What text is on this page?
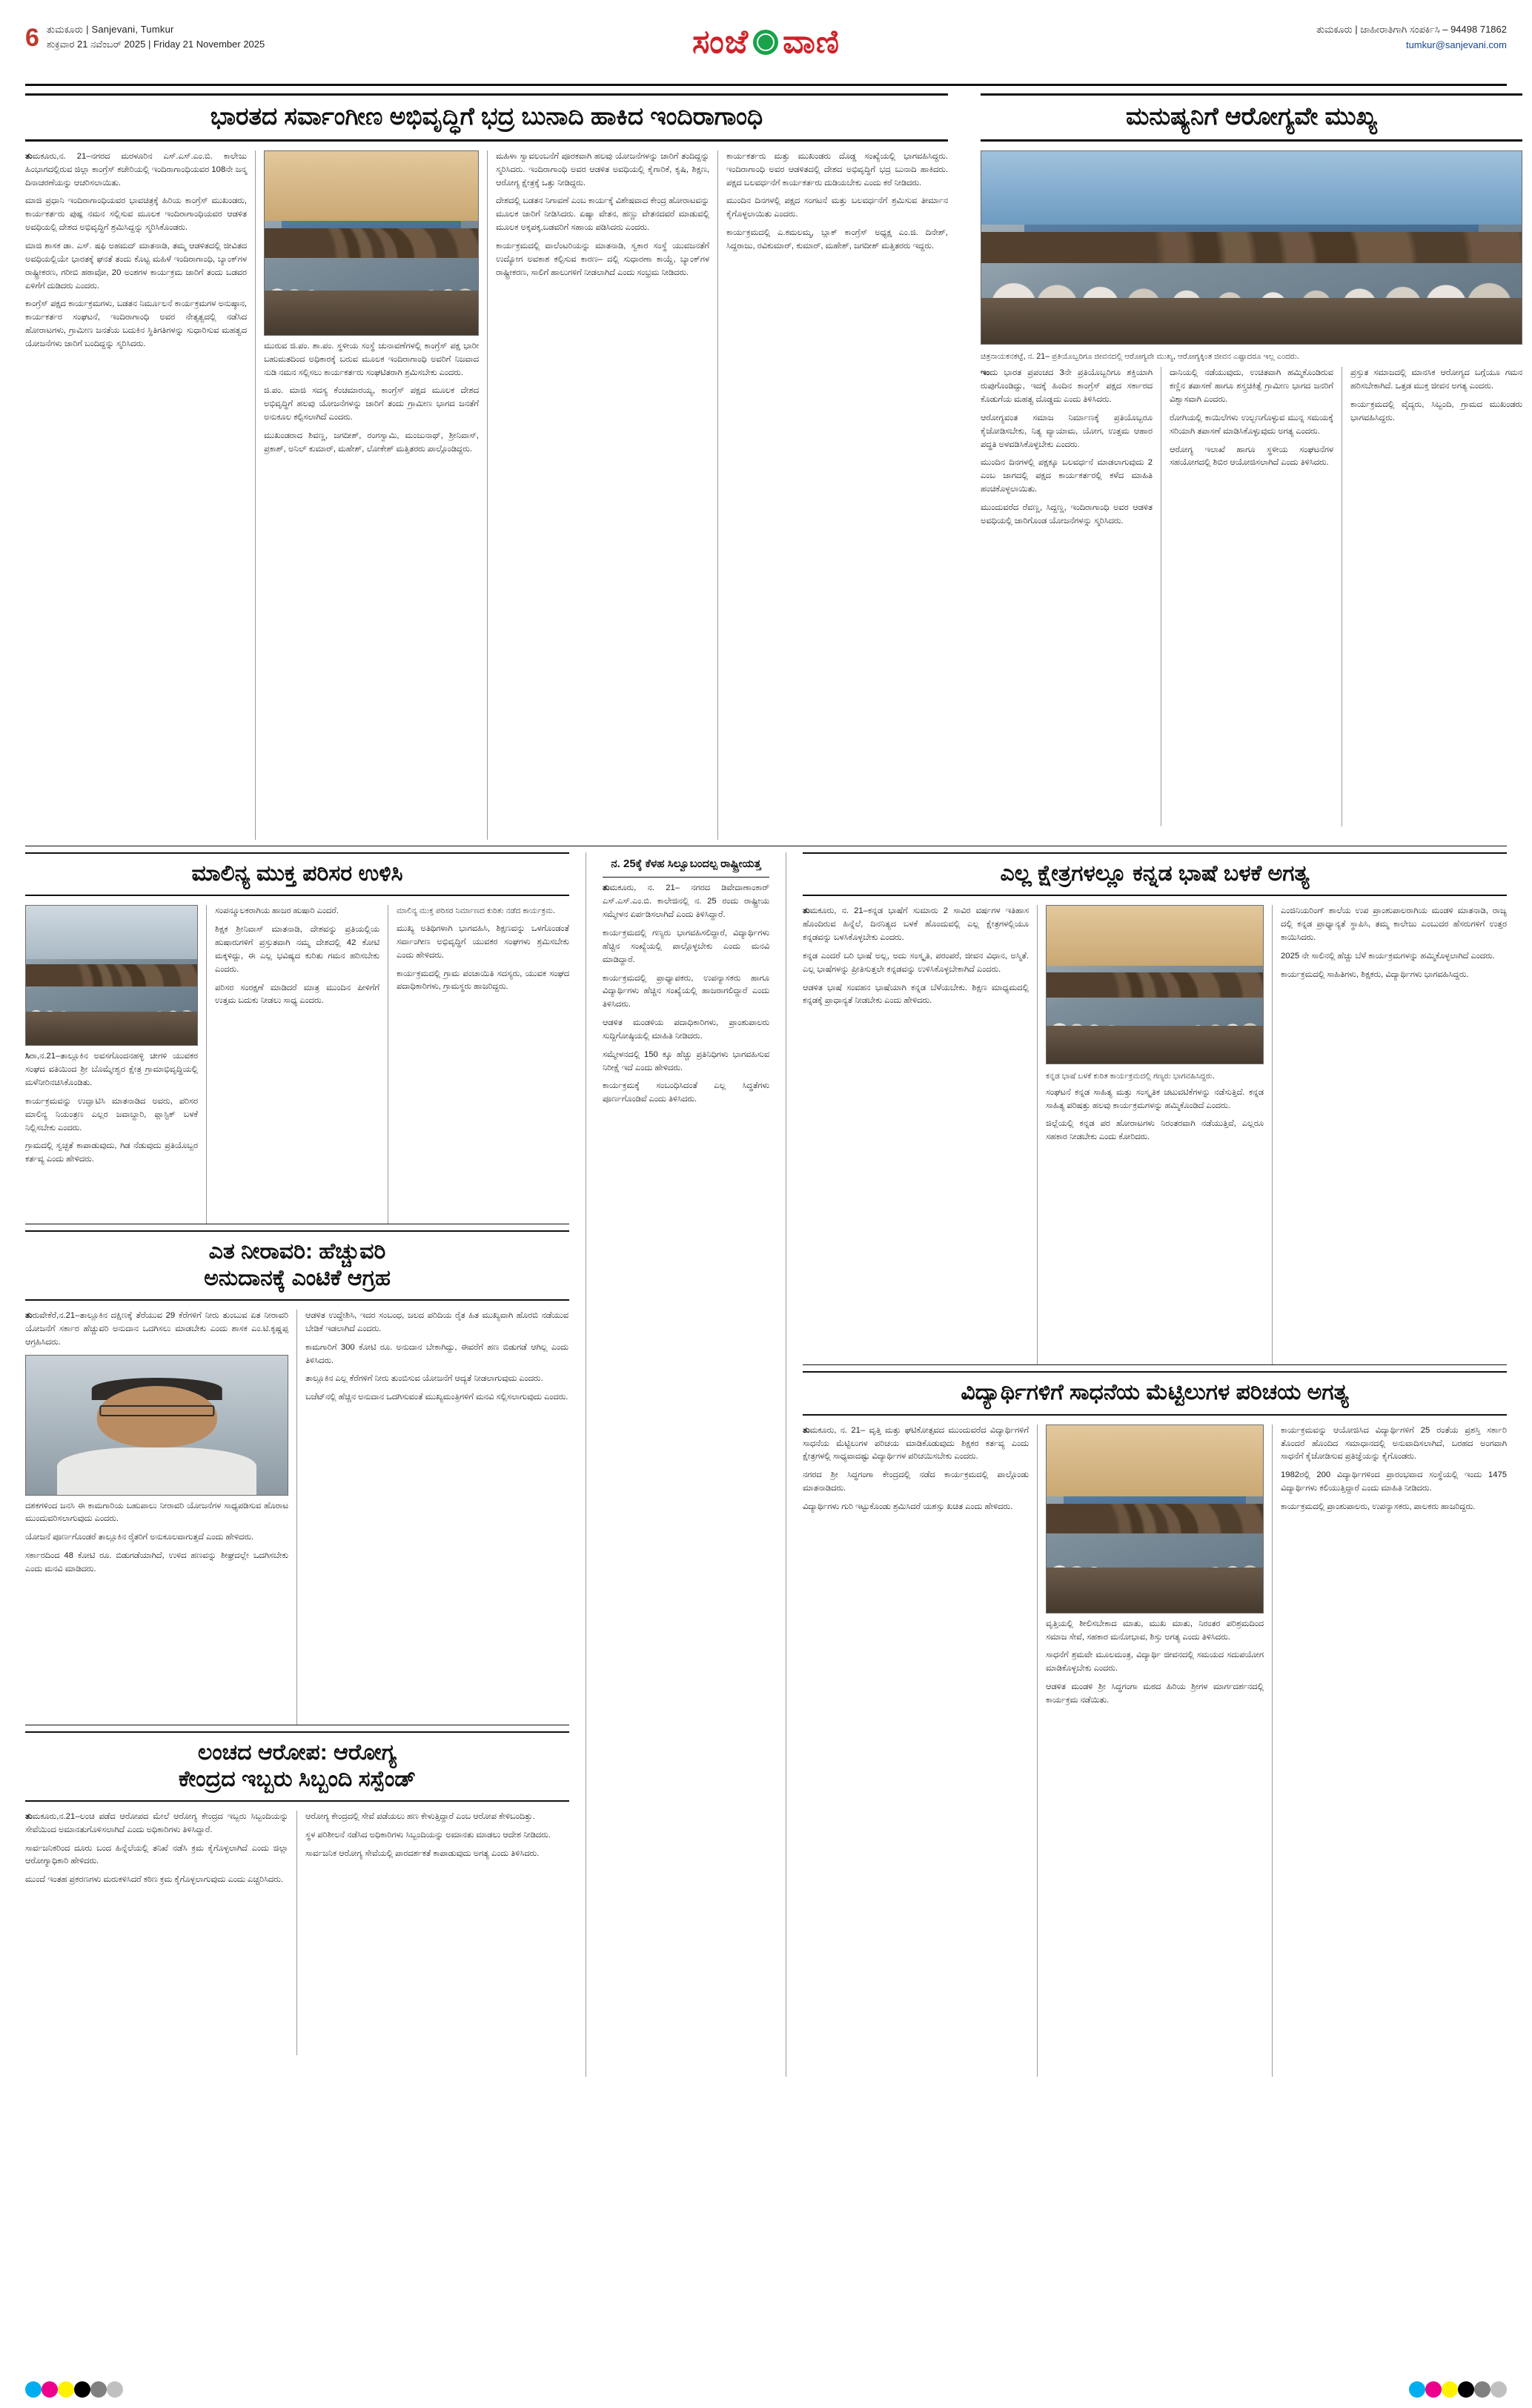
6 ತುಮಕೂರು | Sanjevani, Tumkur
ಶುಕ್ರವಾರ 21 ನವೆಂಬರ್ 2025 | Friday 21 November 2025	ಸಂಜೆ ವಾಣಿ	ತುಮಕೂರು | ಜಾಹೀರಾತಿಗಾಗಿ ಸಂಪರ್ಕಿಸಿ – 94498 71862
tumkur@sanjevani.com
ಭಾರತದ ಸರ್ವಾಂಗೀಣ ಅಭಿವೃದ್ಧಿಗೆ ಭದ್ರ ಬುನಾದಿ ಹಾಕಿದ ಇಂದಿರಾಗಾಂಧಿ

ತುಮಕೂರು,ನ. 21–ನಗರದ ಮರಳೂರಿನ ಎಸ್.ಎಸ್.ಎಂ.ಬಿ. ಕಾಲೇಜು ಹಿಂಭಾಗದಲ್ಲಿರುವ ಜಿಲ್ಲಾ ಕಾಂಗ್ರೆಸ್ ಕಚೇರಿಯಲ್ಲಿ ಇಂದಿರಾಗಾಂಧಿಯವರ 108ನೇ ಜನ್ಮ ದಿನಾಚರಣೆಯನ್ನು ಆಚರಿಸಲಾಯಿತು.

ಮಾಜಿ ಪ್ರಧಾನಿ ಇಂದಿರಾಗಾಂಧಿಯವರ ಭಾವಚಿತ್ರಕ್ಕೆ ಹಿರಿಯ ಕಾಂಗ್ರೆಸ್ ಮುಖಂಡರು, ಕಾರ್ಯಕರ್ತರು ಪುಷ್ಪ ನಮನ ಸಲ್ಲಿಸುವ ಮೂಲಕ ಇಂದಿರಾಗಾಂಧಿಯವರ ಆಡಳಿತ ಅವಧಿಯಲ್ಲಿ ದೇಶದ ಅಭಿವೃದ್ಧಿಗೆ ಶ್ರಮಿಸಿದ್ದನ್ನು ಸ್ಮರಿಸಿಕೊಂಡರು.

ಮಾಜಿ ಶಾಸಕ ಡಾ. ಎಸ್. ಷಫಿ ಅಹಮದ್ ಮಾತನಾಡಿ, ತಮ್ಮ ಆಡಳಿತದಲ್ಲಿ ಜೀವಿತದ ಅವಧಿಯಲ್ಲಿಯೇ ಭಾರತಕ್ಕೆ ಘನತೆ ತಂದು ಕೊಟ್ಟ ಮಹಿಳೆ ಇಂದಿರಾಗಾಂಧಿ, ಬ್ಯಾಂಕ್‌ಗಳ ರಾಷ್ಟ್ರೀಕರಣ, ಗರೀಬಿ ಹಠಾವೋ, 20 ಅಂಶಗಳ ಕಾರ್ಯಕ್ರಮ ಜಾರಿಗೆ ತಂದು ಬಡವರ ಏಳಿಗೆಗೆ ದುಡಿದರು ಎಂದರು.

ಕಾಂಗ್ರೆಸ್ ಪಕ್ಷದ ಕಾರ್ಯಕ್ರಮಗಳು, ಬಡತನ ನಿರ್ಮೂಲನೆ ಕಾರ್ಯಕ್ರಮಗಳ ಅನುಷ್ಠಾನ, ಕಾರ್ಯಕರ್ತರ ಸಂಘಟನೆ, ಇಂದಿರಾಗಾಂಧಿ ಅವರ ನೇತೃತ್ವದಲ್ಲಿ ನಡೆಸಿದ ಹೋರಾಟಗಳು, ಗ್ರಾಮೀಣ ಜನತೆಯ ಬದುಕಿನ ಸ್ಥಿತಿಗತಿಗಳನ್ನು ಸುಧಾರಿಸುವ ಮಹತ್ವದ ಯೋಜನೆಗಳು ಜಾರಿಗೆ ಬಂದಿದ್ದನ್ನು ಸ್ಮರಿಸಿದರು.	ಮುರುವ ಜಿ.ಪಂ. ಶಾ.ಪಂ. ಸ್ಥಳೀಯ ಸಂಸ್ಥೆ ಚುನಾವಣೆಗಳಲ್ಲಿ ಕಾಂಗ್ರೆಸ್ ಪಕ್ಷ ಭಾರೀ ಬಹುಮತದಿಂದ ಅಧಿಕಾರಕ್ಕೆ ಬರುವ ಮೂಲಕ ಇಂದಿರಾಗಾಂಧಿ ಅವರಿಗೆ ನಿಜವಾದ ನುಡಿ ನಮನ ಸಲ್ಲಿಸಲು ಕಾರ್ಯಕರ್ತರು ಸಂಘಟಿತರಾಗಿ ಶ್ರಮಿಸಬೇಕು ಎಂದರು.

ಜಿ.ಪಂ. ಮಾಜಿ ಸದಸ್ಯ ಕೆಂಚಮಾರಯ್ಯ, ಕಾಂಗ್ರೆಸ್ ಪಕ್ಷದ ಮೂಲಕ ದೇಶದ ಅಭಿವೃದ್ಧಿಗೆ ಹಲವು ಯೋಜನೆಗಳನ್ನು ಜಾರಿಗೆ ತಂದು ಗ್ರಾಮೀಣ ಭಾಗದ ಜನತೆಗೆ ಅನುಕೂಲ ಕಲ್ಪಿಸಲಾಗಿದೆ ಎಂದರು.

ಮುಖಂಡರಾದ ಶಿವಣ್ಣ, ಜಗದೀಶ್, ರಂಗಸ್ವಾಮಿ, ಮಂಜುನಾಥ್, ಶ್ರೀನಿವಾಸ್, ಪ್ರಕಾಶ್, ಅನಿಲ್ ಕುಮಾರ್, ಮಹೇಶ್, ಲೋಕೇಶ್ ಮತ್ತಿತರರು ಪಾಲ್ಗೊಂಡಿದ್ದರು.

ಮಹಿಳಾ ಸ್ವಾವಲಂಬನೆಗೆ ಪೂರಕವಾಗಿ ಹಲವು ಯೋಜನೆಗಳನ್ನು ಜಾರಿಗೆ ತಂದಿದ್ದನ್ನು ಸ್ಮರಿಸಿದರು. ಇಂದಿರಾಗಾಂಧಿ ಅವರ ಆಡಳಿತ ಅವಧಿಯಲ್ಲಿ ಕೈಗಾರಿಕೆ, ಕೃಷಿ, ಶಿಕ್ಷಣ, ಆರೋಗ್ಯ ಕ್ಷೇತ್ರಕ್ಕೆ ಒತ್ತು ನೀಡಿದ್ದರು.

ದೇಶದಲ್ಲಿ ಬಡತನ ನಿಗಾವಣೆ ಎಂಬ ಕಾರ್ಯಕ್ಕೆ ವಿಶೇಷವಾದ ಕೇಂದ್ರ ಹೋರಾಟವನ್ನು ಮೂಲಕ ಜಾರಿಗೆ ನೀಡಿಸಿದರು. ಏಷ್ಯಾ ವೇತನ, ಹಣ್ಣು ವೇತನದವರೆ ಮಾಡುವಲ್ಲಿ ಮೂಲಕ ಅಕ್ಕಪಕ್ಕ,ಬಡವರಿಗೆ ಸಹಾಯ ಪಡಿಸಿದರು ಎಂದರು.

ಕಾರ್ಯಕ್ರಮದಲ್ಲಿ ವಾಲೆಂಟರಿಯನ್ನು ಮಾತನಾಡಿ, ಸ್ವಕಾರ ಸಂಸ್ಥೆ ಯುವಜನತೆಗೆ ಉದ್ಯೋಗ ಅವಕಾಶ ಕಲ್ಪಿಸುವ ಕಾರಣ– ದಲ್ಲಿ ಸುಧಾರಣಾ ಕಾಯ್ದೆ, ಬ್ಯಾಂಕ್‌ಗಳ ರಾಷ್ಟ್ರೀಕರಣ, ಸಾಲಿಗೆ ಹಾಲುಗಳಿಗೆ ನೀಡಲಾಗಿದೆ ಎಂದು ಸಂಭ್ರಮ ನೀಡಿದರು.

ಕಾರ್ಯಕರ್ತರು ಮತ್ತು ಮುಖಂಡರು ದೊಡ್ಡ ಸಂಖ್ಯೆಯಲ್ಲಿ ಭಾಗವಹಿಸಿದ್ದರು. ಇಂದಿರಾಗಾಂಧಿ ಅವರ ಆಡಳಿತದಲ್ಲಿ ದೇಶದ ಅಭಿವೃದ್ಧಿಗೆ ಭದ್ರ ಬುನಾದಿ ಹಾಕಿದರು. ಪಕ್ಷದ ಬಲವರ್ಧನೆಗೆ ಕಾರ್ಯಕರ್ತರು ದುಡಿಯಬೇಕು ಎಂದು ಕರೆ ನೀಡಿದರು.

ಮುಂದಿನ ದಿನಗಳಲ್ಲಿ ಪಕ್ಷದ ಸಂಗಟನೆ ಮತ್ತು ಬಲವರ್ಧನೆಗೆ ಶ್ರಮಿಸುವ ತೀರ್ಮಾನ ಕೈಗೊಳ್ಳಲಾಯಿತು ಎಂದರು.

ಕಾರ್ಯಕ್ರಮದಲ್ಲಿ ಎ.ಕಮಲಮ್ಮ, ಬ್ಲಾಕ್ ಕಾಂಗ್ರೆಸ್ ಅಧ್ಯಕ್ಷ ಎಂ.ಜಿ. ದಿನೇಶ್, ಸಿದ್ದರಾಜು, ರವಿಕುಮಾರ್, ಕುಮಾರ್, ಮಹೇಶ್, ಜಗದೀಶ್ ಮತ್ತಿತರರು ಇದ್ದರು.

ಮನುಷ್ಯನಿಗೆ ಆರೋಗ್ಯವೇ ಮುಖ್ಯ
ಚಿತ್ರನಾಯಕನಕಟ್ಟೆ, ನ. 21– ಪ್ರತಿಯೊಬ್ಬರಿಗೂ ಜೀವನದಲ್ಲಿ ಆರೋಗ್ಯವೇ ಮುಖ್ಯ, ಆರೋಗ್ಯಕ್ಕಿಂತ ಜೀವನ ಎಷ್ಟಾದರೂ ಇಲ್ಲ ಎಂದರು.

ಇಂದು ಭಾರತ ಪ್ರಪಂಚದ 3ನೇ ಪ್ರತಿಯೊಬ್ಬರಿಗೂ ಶಕ್ತಿಯಾಗಿ ರುಪುಗೊಂಡಿದ್ದು, ಇದಕ್ಕೆ ಹಿಂದಿನ ಕಾಂಗ್ರೆಸ್ ಪಕ್ಷದ ಸರ್ಕಾರದ ಕೊಡುಗೆಯ ಮಹತ್ವ ದೊಡ್ಡದು ಎಂದು ತಿಳಿಸಿದರು.

ಆರೋಗ್ಯವಂತ ಸಮಾಜ ನಿರ್ಮಾಣಕ್ಕೆ ಪ್ರತಿಯೊಬ್ಬರೂ ಕೈಜೋಡಿಸಬೇಕು, ನಿತ್ಯ ವ್ಯಾಯಾಮ, ಯೋಗ, ಉತ್ತಮ ಆಹಾರ ಪದ್ಧತಿ ಅಳವಡಿಸಿಕೊಳ್ಳಬೇಕು ಎಂದರು.

ಮುಂದಿನ ದಿನಗಳಲ್ಲಿ ಪಕ್ಷಕ್ಕೂ ಬಲವರ್ಧನೆ ಮಾಡಲಾಗುವುದು 2 ಎಂಬ ಜಾಗದಲ್ಲಿ ಪಕ್ಷದ ಕಾರ್ಯಕರ್ತರಲ್ಲಿ ಕಳೆದ ಮಾಹಿತಿ ಹಂಚಿಕೊಳ್ಳಲಾಯಿತು.

ಮುಂದುವರೆದ ರೆವಣ್ಣ, ಸಿದ್ದಣ್ಣ, ಇಂದಿರಾಗಾಂಧಿ ಅವರ ಆಡಳಿತ ಅವಧಿಯಲ್ಲಿ ಜಾರಿಗೊಂಡ ಯೋಜನೆಗಳನ್ನು ಸ್ಮರಿಸಿದರು.

ದಾನಿಯಲ್ಲಿ ನಡೆಯುವುದು, ಉಚಿತವಾಗಿ ಹಮ್ಮಿಕೊಂಡಿರುವ ಕಣ್ಣಿನ ತಪಾಸಣೆ ಹಾಗೂ ಶಸ್ತ್ರಚಿಕಿತ್ಸೆ ಗ್ರಾಮೀಣ ಭಾಗದ ಜನರಿಗೆ ವಿಶ್ವಾಸವಾಗಿ ಎಂದರು.

ರೋಗಿಯಲ್ಲಿ ಕಾಯಿಲೆಗಳು ಉಲ್ಬಣಗೊಳ್ಳುವ ಮುನ್ನ ಸಮಯಕ್ಕೆ ಸರಿಯಾಗಿ ತಪಾಸಣೆ ಮಾಡಿಸಿಕೊಳ್ಳುವುದು ಅಗತ್ಯ ಎಂದರು.

ಆರೋಗ್ಯ ಇಲಾಖೆ ಹಾಗೂ ಸ್ಥಳೀಯ ಸಂಘಟನೆಗಳ ಸಹಯೋಗದಲ್ಲಿ ಶಿಬಿರ ಆಯೋಜಿಸಲಾಗಿದೆ ಎಂದು ತಿಳಿಸಿದರು.

ಪ್ರಸ್ತುತ ಸಮಾಜದಲ್ಲಿ ಮಾನಸಿಕ ಆರೋಗ್ಯದ ಬಗ್ಗೆಯೂ ಗಮನ ಹರಿಸಬೇಕಾಗಿದೆ. ಒತ್ತಡ ಮುಕ್ತ ಜೀವನ ಅಗತ್ಯ ಎಂದರು.

ಕಾರ್ಯಕ್ರಮದಲ್ಲಿ ವೈದ್ಯರು, ಸಿಬ್ಬಂದಿ, ಗ್ರಾಮದ ಮುಖಂಡರು ಭಾಗವಹಿಸಿದ್ದರು.

ಮಾಲಿನ್ಯ ಮುಕ್ತ ಪರಿಸರ ಉಳಿಸಿ

ಸಿರಾ,ನ.21–ತಾಲ್ಲೂಕಿನ ಅವಸಗೊಂದನಹಳ್ಳಿ ಚೀಗಳಿ ಯುವಕರ ಸಂಘದ ವತಿಯಿಂದ ಶ್ರೀ ಬೊಮ್ಮೇಶ್ವರ ಕ್ಷೇತ್ರ ಗ್ರಾಮಾಭಿವೃದ್ಧಿಯಲ್ಲಿ ಮಳೆನೀರಿನಚಿಸಿಕೊಂಡಿತು.

ಕಾರ್ಯಕ್ರಮವನ್ನು ಉದ್ಘಾಟಿಸಿ ಮಾತನಾಡಿದ ಅವರು, ಪರಿಸರ ಮಾಲಿನ್ಯ ನಿಯಂತ್ರಣ ಎಲ್ಲರ ಜವಾಬ್ದಾರಿ, ಪ್ಲಾಸ್ಟಿಕ್ ಬಳಕೆ ನಿಲ್ಲಿಸಬೇಕು ಎಂದರು.

ಗ್ರಾಮದಲ್ಲಿ ಸ್ವಚ್ಛತೆ ಕಾಪಾಡುವುದು, ಗಿಡ ನೆಡುವುದು ಪ್ರತಿಯೊಬ್ಬರ ಕರ್ತವ್ಯ ಎಂದು ಹೇಳಿದರು.

ಸಂಪನ್ಮೂಲಕರಾಗಿಯ ಹಾಜರ ಹುಷಾರಿ ಎಂದರೆ.

ಶಿಕ್ಷಕ ಶ್ರೀನಿವಾಸ್ ಮಾತನಾಡಿ, ದೇಶವನ್ನು ಪ್ರತಿಯಲ್ಲಿಯ ಹುಷಾರುಗಳಿಗೆ ಪ್ರಸ್ತುತವಾಗಿ ನಮ್ಮ ದೇಶದಲ್ಲಿ 42 ಕೋಟಿ ಮಕ್ಕಳಿದ್ದು, ಈ ಎಲ್ಲ ಭವಿಷ್ಯದ ಕುರಿತು ಗಮನ ಹರಿಸಬೇಕು ಎಂದರು.

ಪರಿಸರ ಸಂರಕ್ಷಣೆ ಮಾಡಿದರೆ ಮಾತ್ರ ಮುಂದಿನ ಪೀಳಿಗೆಗೆ ಉತ್ತಮ ಬದುಕು ನೀಡಲು ಸಾಧ್ಯ ಎಂದರು.

ಮಾಲಿನ್ಯ ಮುಕ್ತ ಪರಿಸರ ನಿರ್ಮಾಣದ ಕುರಿತು ನಡೆದ ಕಾರ್ಯಕ್ರಮ.

ಮುಖ್ಯ ಅತಿಥಿಗಳಾಗಿ ಭಾಗವಹಿಸಿ, ಶಿಕ್ಷಣವನ್ನು ಒಳಗೊಂಡಂತೆ ಸರ್ವಾಂಗೀಣ ಅಭಿವೃದ್ಧಿಗೆ ಯುವಕರ ಸಂಘಗಳು ಶ್ರಮಿಸಬೇಕು ಎಂದು ಹೇಳಿದರು.

ಕಾರ್ಯಕ್ರಮದಲ್ಲಿ ಗ್ರಾಮ ಪಂಚಾಯಿತಿ ಸದಸ್ಯರು, ಯುವಕ ಸಂಘದ ಪದಾಧಿಕಾರಿಗಳು, ಗ್ರಾಮಸ್ಥರು ಹಾಜರಿದ್ದರು.

ಎತ ನೀರಾವರಿ: ಹೆಚ್ಚುವರಿ
ಅನುದಾನಕ್ಕೆ ಎಂಟಿಕೆ ಆಗ್ರಹ

ತುರುವೇಕೆರೆ,ನ.21–ತಾಲ್ಲೂಕಿನ ದಕ್ಷಿಣಕ್ಕೆ ತೆರೆಯುವ 29 ಕೆರೆಗಳಿಗೆ ನೀರು ತುಂಬುವ ಏತ ನೀರಾವರಿ ಯೋಜನೆಗೆ ಸರ್ಕಾರ ಹೆಚ್ಚುವರಿ ಅನುದಾನ ಒದಗಿಸಲು ಮಾಡಬೇಕು ಎಂದು ಶಾಸಕ ಎಂ.ಟಿ.ಕೃಷ್ಣಪ್ಪ ಆಗ್ರಹಿಸಿದರು.

ದಶಕಗಳಿಂದ ಜನಸಿ ಈ ಕಾಮಗಾರಿಯ ಬಹುಪಾಲು ನೀರಾವರಿ ಯೋಜನೆಗಳ ಸಾಧ್ಯಪಡಿಸುವ ಹೊರಾಟ ಮುಂದುವರಿಸಲಾಗುವುದು ಎಂದರು.

ಯೋಜನೆ ಪೂರ್ಣಗೊಂಡರೆ ತಾಲ್ಲೂಕಿನ ರೈತರಿಗೆ ಅನುಕೂಲವಾಗುತ್ತದೆ ಎಂದು ಹೇಳಿದರು.

ಸರ್ಕಾರದಿಂದ 48 ಕೋಟಿ ರೂ. ಬಿಡುಗಡೆಯಾಗಿದೆ, ಉಳಿದ ಹಣವನ್ನು ಶೀಘ್ರದಲ್ಲೇ ಒದಗಿಸಬೇಕು ಎಂದು ಮನವಿ ಮಾಡಿದರು.

ಆಡಳಿತ ಉದ್ದೇಶಿಸಿ, ಇದರ ಸಂಬಂಧ, ಜಲದ ಪರಿದಿಯ ರೈತ ಹಿತ ಮುಖ್ಯವಾಗಿ ಹೊರಬಿ ನಡೆಯುವ ಬೇಡಿಕೆ ಇಡಲಾಗಿದೆ ಎಂದರು.

ಕಾಮಗಾರಿಗೆ 300 ಕೋಟಿ ರೂ. ಅನುದಾನ ಬೇಕಾಗಿದ್ದು, ಈವರೆಗೆ ಹಣ ಬಿಡುಗಡೆ ಆಗಿಲ್ಲ ಎಂದು ತಿಳಿಸಿದರು.

ತಾಲ್ಲೂಕಿನ ಎಲ್ಲ ಕೆರೆಗಳಿಗೆ ನೀರು ತುಂಬಿಸುವ ಯೋಜನೆಗೆ ಆದ್ಯತೆ ನೀಡಲಾಗುವುದು ಎಂದರು.

ಬಜೆಟ್‌ನಲ್ಲಿ ಹೆಚ್ಚಿನ ಅನುದಾನ ಒದಗಿಸುವಂತೆ ಮುಖ್ಯಮಂತ್ರಿಗಳಿಗೆ ಮನವಿ ಸಲ್ಲಿಸಲಾಗುವುದು ಎಂದರು.

ಲಂಚದ ಆರೋಪ: ಆರೋಗ್ಯ
ಕೇಂದ್ರದ ಇಬ್ಬರು ಸಿಬ್ಬಂದಿ ಸಸ್ಪೆಂಡ್

ತುಮಕೂರು,ನ.21–ಲಂಚ ಪಡೆದ ಆರೋಪದ ಮೇಲೆ ಆರೋಗ್ಯ ಕೇಂದ್ರದ ಇಬ್ಬರು ಸಿಬ್ಬಂದಿಯನ್ನು ಸೇವೆಯಿಂದ ಅಮಾನತುಗೊಳಿಸಲಾಗಿದೆ ಎಂದು ಅಧಿಕಾರಿಗಳು ತಿಳಿಸಿದ್ದಾರೆ.

ಸಾರ್ವಜನಿಕರಿಂದ ದೂರು ಬಂದ ಹಿನ್ನೆಲೆಯಲ್ಲಿ ತನಿಖೆ ನಡೆಸಿ ಕ್ರಮ ಕೈಗೊಳ್ಳಲಾಗಿದೆ ಎಂದು ಜಿಲ್ಲಾ ಆರೋಗ್ಯಾಧಿಕಾರಿ ಹೇಳಿದರು.

ಮುಂದೆ ಇಂತಹ ಪ್ರಕರಣಗಳು ಮರುಕಳಿಸಿದರೆ ಕಠಿಣ ಕ್ರಮ ಕೈಗೊಳ್ಳಲಾಗುವುದು ಎಂದು ಎಚ್ಚರಿಸಿದರು.

ಆರೋಗ್ಯ ಕೇಂದ್ರದಲ್ಲಿ ಸೇವೆ ಪಡೆಯಲು ಹಣ ಕೇಳುತ್ತಿದ್ದಾರೆ ಎಂಬ ಆರೋಪ ಕೇಳಿಬಂದಿತ್ತು.

ಸ್ಥಳ ಪರಿಶೀಲನೆ ನಡೆಸಿದ ಅಧಿಕಾರಿಗಳು ಸಿಬ್ಬಂದಿಯನ್ನು ಅಮಾನತು ಮಾಡಲು ಆದೇಶ ನೀಡಿದರು.

ಸಾರ್ವಜನಿಕ ಆರೋಗ್ಯ ಸೇವೆಯಲ್ಲಿ ಪಾರದರ್ಶಕತೆ ಕಾಪಾಡುವುದು ಅಗತ್ಯ ಎಂದು ತಿಳಿಸಿದರು.

ನ. 25ಕ್ಕೆ ಕೆಳಹ ಸಿಲ್ವೂಬಂದಲ್ಪ ರಾಷ್ಟ್ರೀಯತ್ತ

ತುಮಕೂರು, ನ. 21– ನಗರದ ಡಿವೇದಾಣಾಂಕಾರ್ ಎಸ್.ಎಸ್.ಎಂ.ಬಿ. ಕಾಲೇಜಿನಲ್ಲಿ ನ. 25 ರಂದು ರಾಷ್ಟ್ರೀಯ ಸಮ್ಮೇಳನ ಏರ್ಪಡಿಸಲಾಗಿದೆ ಎಂದು ತಿಳಿಸಿದ್ದಾರೆ.

ಕಾರ್ಯಕ್ರಮದಲ್ಲಿ ಗಣ್ಯರು ಭಾಗವಹಿಸಲಿದ್ದಾರೆ, ವಿದ್ಯಾರ್ಥಿಗಳು ಹೆಚ್ಚಿನ ಸಂಖ್ಯೆಯಲ್ಲಿ ಪಾಲ್ಗೊಳ್ಳಬೇಕು ಎಂದು ಮನವಿ ಮಾಡಿದ್ದಾರೆ.

ಕಾರ್ಯಕ್ರಮದಲ್ಲಿ ಪ್ರಾಧ್ಯಾಪಕರು, ಉಪನ್ಯಾಸಕರು ಹಾಗೂ ವಿದ್ಯಾರ್ಥಿಗಳು ಹೆಚ್ಚಿನ ಸಂಖ್ಯೆಯಲ್ಲಿ ಹಾಜರಾಗಲಿದ್ದಾರೆ ಎಂದು ತಿಳಿಸಿದರು.

ಆಡಳಿತ ಮಂಡಳಿಯ ಪದಾಧಿಕಾರಿಗಳು, ಪ್ರಾಂಶುಪಾಲರು ಸುದ್ದಿಗೋಷ್ಠಿಯಲ್ಲಿ ಮಾಹಿತಿ ನೀಡಿದರು.

ಸಮ್ಮೇಳನದಲ್ಲಿ 150 ಕ್ಕೂ ಹೆಚ್ಚು ಪ್ರತಿನಿಧಿಗಳು ಭಾಗವಹಿಸುವ ನಿರೀಕ್ಷೆ ಇದೆ ಎಂದು ಹೇಳಿದರು.

ಕಾರ್ಯಕ್ರಮಕ್ಕೆ ಸಂಬಂಧಿಸಿದಂತೆ ಎಲ್ಲ ಸಿದ್ಧತೆಗಳು ಪೂರ್ಣಗೊಂಡಿವೆ ಎಂದು ತಿಳಿಸಿದರು.

ಎಲ್ಲ ಕ್ಷೇತ್ರಗಳಲ್ಲೂ ಕನ್ನಡ ಭಾಷೆ ಬಳಕೆ ಅಗತ್ಯ

ತುಮಕೂರು, ನ. 21–ಕನ್ನಡ ಭಾಷೆಗೆ ಸುಮಾರು 2 ಸಾವಿರ ವರ್ಷಗಳ ಇತಿಹಾಸ ಹೊಂದಿರುವ ಹಿನ್ನೆಲೆ, ದಿನನಿತ್ಯದ ಬಳಕೆ ಹೊಂದುವಲ್ಲಿ ಎಲ್ಲ ಕ್ಷೇತ್ರಗಳಲ್ಲಿಯೂ ಕನ್ನಡವನ್ನು ಬಳಸಿಕೊಳ್ಳಬೇಕು ಎಂದರು.

ಕನ್ನಡ ಎಂದರೆ ಬರಿ ಭಾಷೆ ಅಲ್ಲ, ಅದು ಸಂಸ್ಕೃತಿ, ಪರಂಪರೆ, ಜೀವನ ವಿಧಾನ, ಅಸ್ಮಿತೆ. ಎಲ್ಲ ಭಾಷೆಗಳನ್ನು ಪ್ರೀತಿಸುತ್ತಲೇ ಕನ್ನಡವನ್ನು ಉಳಿಸಿಕೊಳ್ಳಬೇಕಾಗಿದೆ ಎಂದರು.

ಆಡಳಿತ ಭಾಷೆ ಸಂವಹನ ಭಾಷೆಯಾಗಿ ಕನ್ನಡ ಬೆಳೆಯಬೇಕು. ಶಿಕ್ಷಣ ಮಾಧ್ಯಮದಲ್ಲಿ ಕನ್ನಡಕ್ಕೆ ಪ್ರಾಧಾನ್ಯತೆ ನೀಡಬೇಕು ಎಂದು ಹೇಳಿದರು.

ಕನ್ನಡ ಭಾಷೆ ಬಳಕೆ ಕುರಿತ ಕಾರ್ಯಕ್ರಮದಲ್ಲಿ ಗಣ್ಯರು ಭಾಗವಹಿಸಿದ್ದರು.

ಸಂಘಟನೆ ಕನ್ನಡ ಸಾಹಿತ್ಯ ಮತ್ತು ಸಂಸ್ಕೃತಿಕ ಚಟುವಟಿಕೆಗಳನ್ನು ನಡೆಸುತ್ತಿದೆ. ಕನ್ನಡ ಸಾಹಿತ್ಯ ಪರಿಷತ್ತು ಹಲವು ಕಾರ್ಯಕ್ರಮಗಳನ್ನು ಹಮ್ಮಿಕೊಂಡಿದೆ ಎಂದರು.

ಜಿಲ್ಲೆಯಲ್ಲಿ ಕನ್ನಡ ಪರ ಹೋರಾಟಗಳು ನಿರಂತರವಾಗಿ ನಡೆಯುತ್ತಿವೆ, ಎಲ್ಲರೂ ಸಹಕಾರ ನೀಡಬೇಕು ಎಂದು ಕೋರಿದರು.

ಎಂಜಿನಿಯರಿಂಗ್ ಶಾಲೆಯ ಉಪ ಪ್ರಾಂಶುಪಾಲರಾಗಿಯ ಮಂಡಳಿ ಮಾತನಾಡಿ, ರಾಜ್ಯ ದಲ್ಲಿ ಕನ್ನಡ ಪ್ರಾಧ್ಯಾನ್ಯತೆ ಸ್ಥಾಪಿಸಿ, ತಮ್ಮ ಕಾಲೇಜು ಎಂಬುದರ ಹೆಸರುಗಳಿಗೆ ಉತ್ತರ ಕಾಯಿಸಿದರು.

2025 ನೇ ಸಾಲಿನಲ್ಲಿ ಹೆಚ್ಚು ಬೆಳೆ ಕಾರ್ಯಕ್ರಮಗಳನ್ನು ಹಮ್ಮಿಕೊಳ್ಳಲಾಗಿದೆ ಎಂದರು.

ಕಾರ್ಯಕ್ರಮದಲ್ಲಿ ಸಾಹಿತಿಗಳು, ಶಿಕ್ಷಕರು, ವಿದ್ಯಾರ್ಥಿಗಳು ಭಾಗವಹಿಸಿದ್ದರು.

ವಿದ್ಯಾರ್ಥಿಗಳಿಗೆ ಸಾಧನೆಯ ಮೆಟ್ಟಿಲುಗಳ ಪರಿಚಯ ಅಗತ್ಯ

ತುಮಕೂರು, ನ. 21– ವೃತ್ತಿ ಮತ್ತು ಘಟಿಕೋತ್ಸವದ ಮುಂದುವರೆದ ವಿದ್ಯಾರ್ಥಿಗಳಿಗೆ ಸಾಧನೆಯ ಮೆಟ್ಟಿಲುಗಳ ಪರಿಚಯ ಮಾಡಿಕೊಡುವುದು ಶಿಕ್ಷಕರ ಕರ್ತವ್ಯ ಎಂದು ಕ್ಷೇತ್ರಗಳಲ್ಲಿ ಸಾಧ್ಯವಾದಷ್ಟು ವಿದ್ಯಾರ್ಥಿಗಳ ಪರಿಚಯಿಸಬೇಕು ಎಂದರು.

ನಗರದ ಶ್ರೀ ಸಿದ್ಧಗಂಗಾ ಕೇಂದ್ರದಲ್ಲಿ ನಡೆದ ಕಾರ್ಯಕ್ರಮದಲ್ಲಿ ಪಾಲ್ಗೊಂಡು ಮಾತನಾಡಿದರು.

ವಿದ್ಯಾರ್ಥಿಗಳು ಗುರಿ ಇಟ್ಟುಕೊಂಡು ಶ್ರಮಿಸಿದರೆ ಯಶಸ್ಸು ಖಚಿತ ಎಂದು ಹೇಳಿದರು.

ವೃತ್ತಿಯಲ್ಲಿ ಶೀಲಿಸಬೇಕಾದ ಮಾತು, ಮುಖ ಮಾತು, ನಿರಂತರ ಪರಿಶ್ರಮದಿಂದ ಸಮಾಜ ಸೇವೆ, ಸಹಕಾರ ಮನೋಭಾವ, ಶಿಸ್ತು ಅಗತ್ಯ ಎಂದು ತಿಳಿಸಿದರು.

ಸಾಧನೆಗೆ ಶ್ರಮವೇ ಮೂಲಮಂತ್ರ, ವಿದ್ಯಾರ್ಥಿ ಜೀವನದಲ್ಲಿ ಸಮಯದ ಸದುಪಯೋಗ ಮಾಡಿಕೊಳ್ಳಬೇಕು ಎಂದರು.

ಆಡಳಿತ ಮಂಡಳಿ ಶ್ರೀ ಸಿದ್ಧಗಂಗಾ ಮಠದ ಹಿರಿಯ ಶ್ರೀಗಳ ಮಾರ್ಗದರ್ಶನದಲ್ಲಿ ಕಾರ್ಯಕ್ರಮ ನಡೆಯಿತು.

ಕಾರ್ಯಕ್ರಮವನ್ನು ಆಯೋಜಿಸಿದ ವಿದ್ಯಾರ್ಥಿಗಳಿಗೆ 25 ರಂತೆಯ ಪ್ರಶಸ್ತಿ ಸರ್ಕಾರಿ ತೊಂದರೆ ಹೊಂದಿದ ಸಮಾಧಾನದಲ್ಲಿ ಅನುವಾದಿಸಲಾಗಿದೆ, ಬರಹದ ಅಂಗವಾಗಿ ಸಾಧನೆಗೆ ಕೈಜೋಡಿಸುವ ಪ್ರತಿಜ್ಞೆಯನ್ನು ಕೈಗೊಂಡರು.

1982ರಲ್ಲಿ 200 ವಿದ್ಯಾರ್ಥಿಗಳಿಂದ ಪ್ರಾರಂಭವಾದ ಸಂಸ್ಥೆಯಲ್ಲಿ ಇಂದು 1475 ವಿದ್ಯಾರ್ಥಿಗಳು ಕಲಿಯುತ್ತಿದ್ದಾರೆ ಎಂದು ಮಾಹಿತಿ ನೀಡಿದರು.

ಕಾರ್ಯಕ್ರಮದಲ್ಲಿ ಪ್ರಾಂಶುಪಾಲರು, ಉಪನ್ಯಾಸಕರು, ಪಾಲಕರು ಹಾಜರಿದ್ದರು.
